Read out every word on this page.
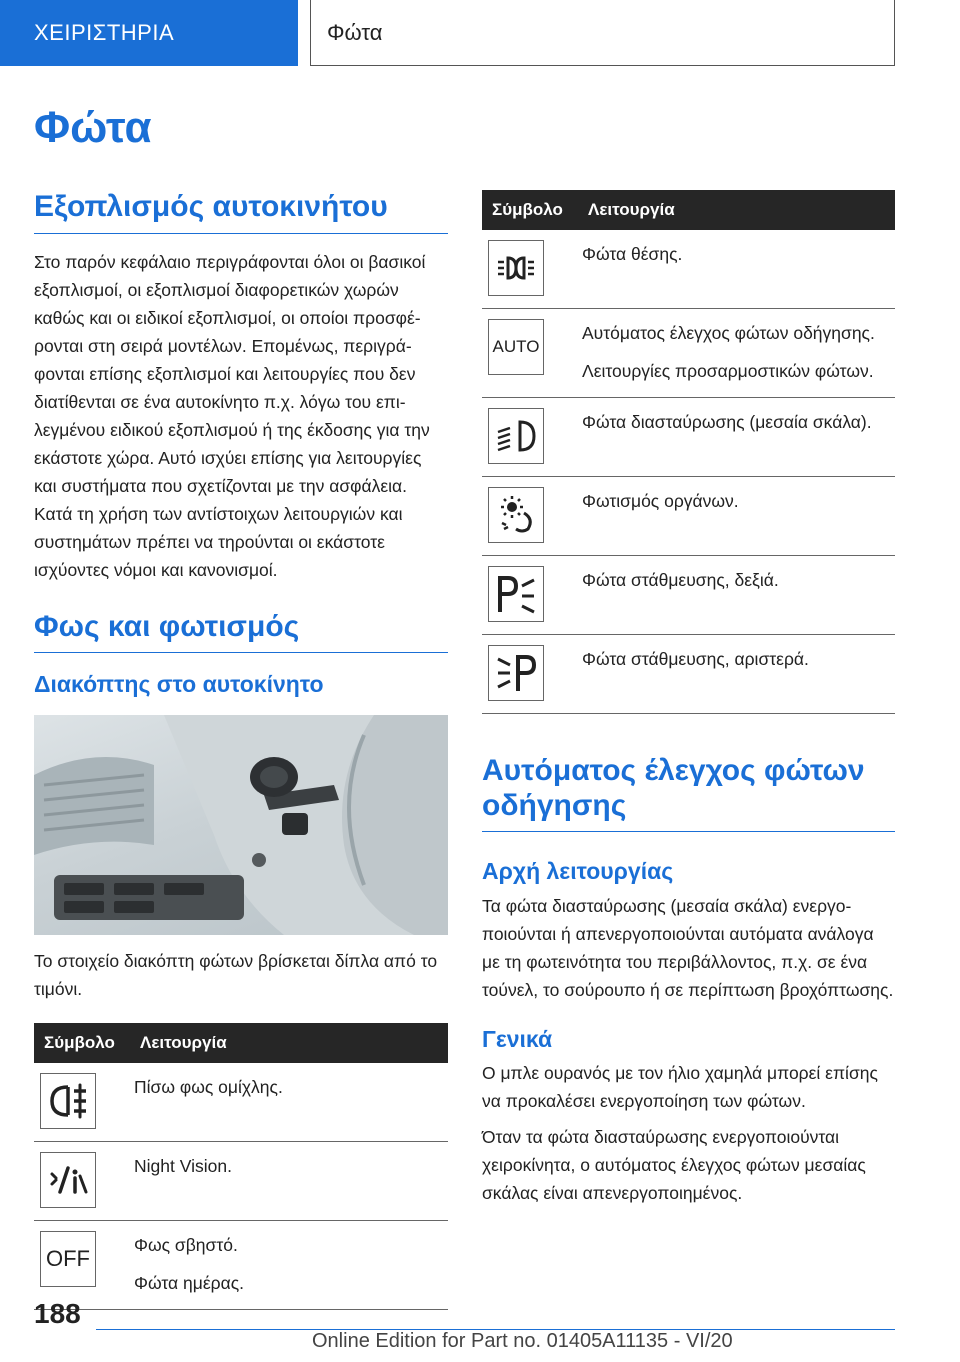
ΧΕΙΡΙΣΤΗΡΙΑ	Φώτα
Φώτα
Εξοπλισμός αυτοκινήτου

Στο παρόν κεφάλαιο περιγράφονται όλοι οι βασικοί εξοπλισμοί, οι εξοπλισμοί διαφορετικών χωρών καθώς και οι ειδικοί εξοπλισμοί, οι οποίοι προσφέρονται στη σειρά μοντέλων. Επομένως, περιγράφονται επίσης εξοπλισμοί και λειτουργίες που δεν διατίθενται σε ένα αυτοκίνητο π.χ. λόγω του επιλεγμένου ειδικού εξοπλισμού ή της έκδοσης για την εκάστοτε χώρα. Αυτό ισχύει επίσης για λειτουργίες και συστήματα που σχετίζονται με την ασφάλεια. Κατά τη χρήση των αντίστοιχων λειτουργιών και συστημάτων πρέπει να τηρούνται οι εκάστοτε ισχύοντες νόμοι και κανονισμοί.

Φως και φωτισμός
Διακόπτης στο αυτοκίνητο

Το στοιχείο διακόπτη φώτων βρίσκεται δίπλα από το τιμόνι.

Σύμβολο	Λειτουργία

Πίσω φως ομίχλης.

Night Vision.

OFF	Φως σβηστό.

Φώτα ημέρας.

Σύμβολο	Λειτουργία

Φώτα θέσης.

AUTO	Αυτόματος έλεγχος φώτων οδήγησης.

Λειτουργίες προσαρμοστικών φώτων.

Φώτα διασταύρωσης (μεσαία σκάλα).

Φωτισμός οργάνων.

Φώτα στάθμευσης, δεξιά.

Φώτα στάθμευσης, αριστερά.

Αυτόματος έλεγχος φώτων οδήγησης
Αρχή λειτουργίας

Τα φώτα διασταύρωσης (μεσαία σκάλα) ενεργοποιούνται ή απενεργοποιούνται αυτόματα ανάλογα με τη φωτεινότητα του περιβάλλοντος, π.χ. σε ένα τούνελ, το σούρουπο ή σε περίπτωση βροχόπτωσης.

Γενικά

Ο μπλε ουρανός με τον ήλιο χαμηλά μπορεί επίσης να προκαλέσει ενεργοποίηση των φώτων.

Όταν τα φώτα διασταύρωσης ενεργοποιούνται χειροκίνητα, ο αυτόματος έλεγχος φώτων μεσαίας σκάλας είναι απενεργοποιημένος.

188
Online Edition for Part no. 01405A11135 - VI/20
